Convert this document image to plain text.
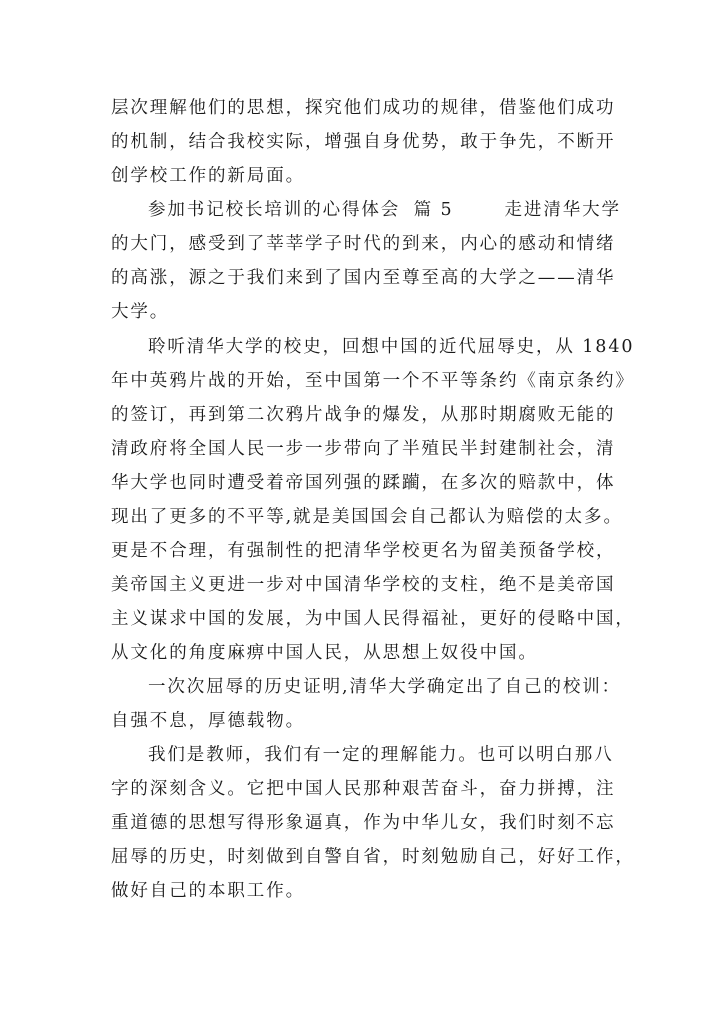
层次理解他们的思想，探究他们成功的规律，借鉴他们成功
的机制，结合我校实际，增强自身优势，敢于争先，不断开
创学校工作的新局面。
参加书记校长培训的心得体会 篇 5	走进清华大学
的大门，感受到了莘莘学子时代的到来，内心的感动和情绪
的高涨，源之于我们来到了国内至尊至高的大学之——清华
大学。
聆听清华大学的校史，回想中国的近代屈辱史，从 1840
年中英鸦片战的开始，至中国第一个不平等条约《南京条约》
的签订，再到第二次鸦片战争的爆发，从那时期腐败无能的
清政府将全国人民一步一步带向了半殖民半封建制社会，清
华大学也同时遭受着帝国列强的蹂躏，在多次的赔款中，体
现出了更多的不平等,就是美国国会自己都认为赔偿的太多。
更是不合理，有强制性的把清华学校更名为留美预备学校，
美帝国主义更进一步对中国清华学校的支柱，绝不是美帝国
主义谋求中国的发展，为中国人民得福祉，更好的侵略中国，
从文化的角度麻痹中国人民，从思想上奴役中国。
一次次屈辱的历史证明,清华大学确定出了自己的校训：
自强不息，厚德载物。
我们是教师，我们有一定的理解能力。也可以明白那八
字的深刻含义。它把中国人民那种艰苦奋斗，奋力拼搏，注
重道德的思想写得形象逼真，作为中华儿女，我们时刻不忘
屈辱的历史，时刻做到自警自省，时刻勉励自己，好好工作，
做好自己的本职工作。
